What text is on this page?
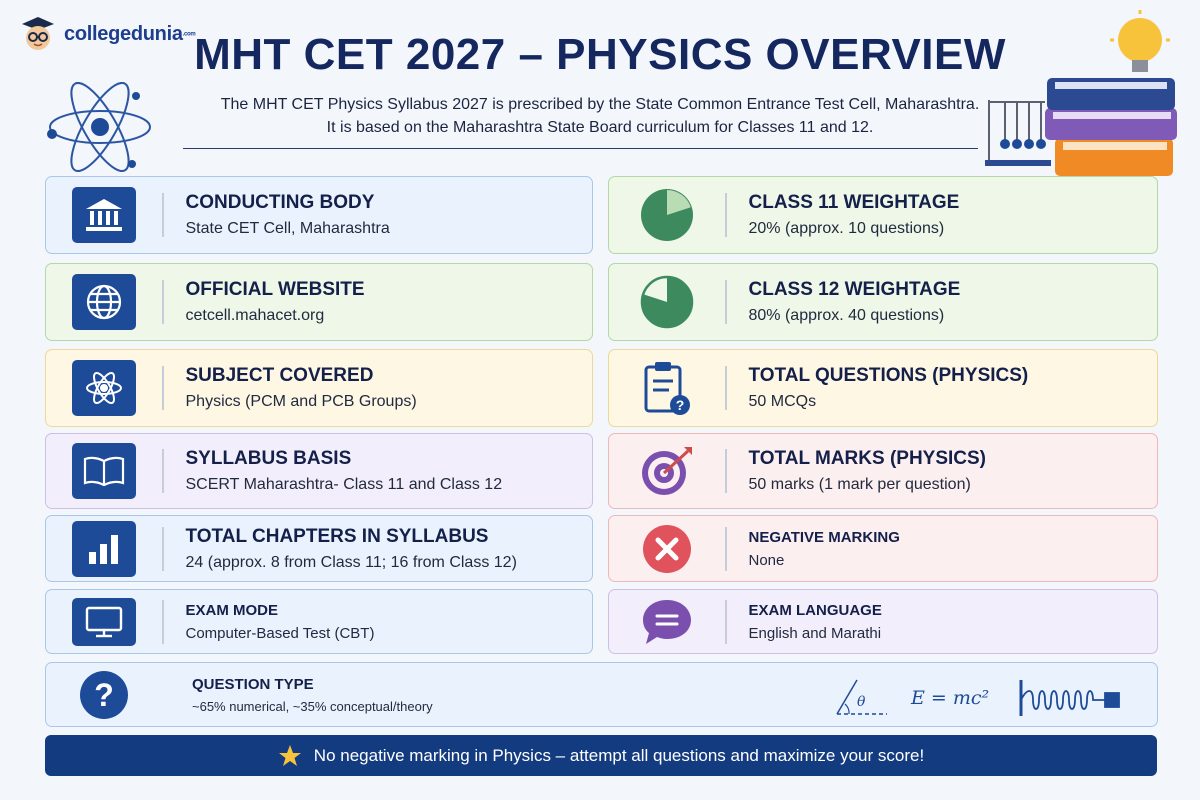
collegedunia.com
MHT CET 2027 – PHYSICS OVERVIEW
The MHT CET Physics Syllabus 2027 is prescribed by the State Common Entrance Test Cell, Maharashtra.
It is based on the Maharashtra State Board curriculum for Classes 11 and 12.
CONDUCTING BODY
State CET Cell, Maharashtra
OFFICIAL WEBSITE
cetcell.mahacet.org
SUBJECT COVERED
Physics (PCM and PCB Groups)
SYLLABUS BASIS
SCERT Maharashtra- Class 11 and Class 12
TOTAL CHAPTERS IN SYLLABUS
24 (approx. 8 from Class 11; 16 from Class 12)
EXAM MODE
Computer-Based Test (CBT)
CLASS 11 WEIGHTAGE
20% (approx. 10 questions)
CLASS 12 WEIGHTAGE
80% (approx. 40 questions)
?
TOTAL QUESTIONS (PHYSICS)
50 MCQs
TOTAL MARKS (PHYSICS)
50 marks (1 mark per question)
NEGATIVE MARKING
None
EXAM LANGUAGE
English and Marathi
?	QUESTION TYPE
~65% numerical, ~35% conceptual/theory	θ E = mc²
No negative marking in Physics – attempt all questions and maximize your score!
